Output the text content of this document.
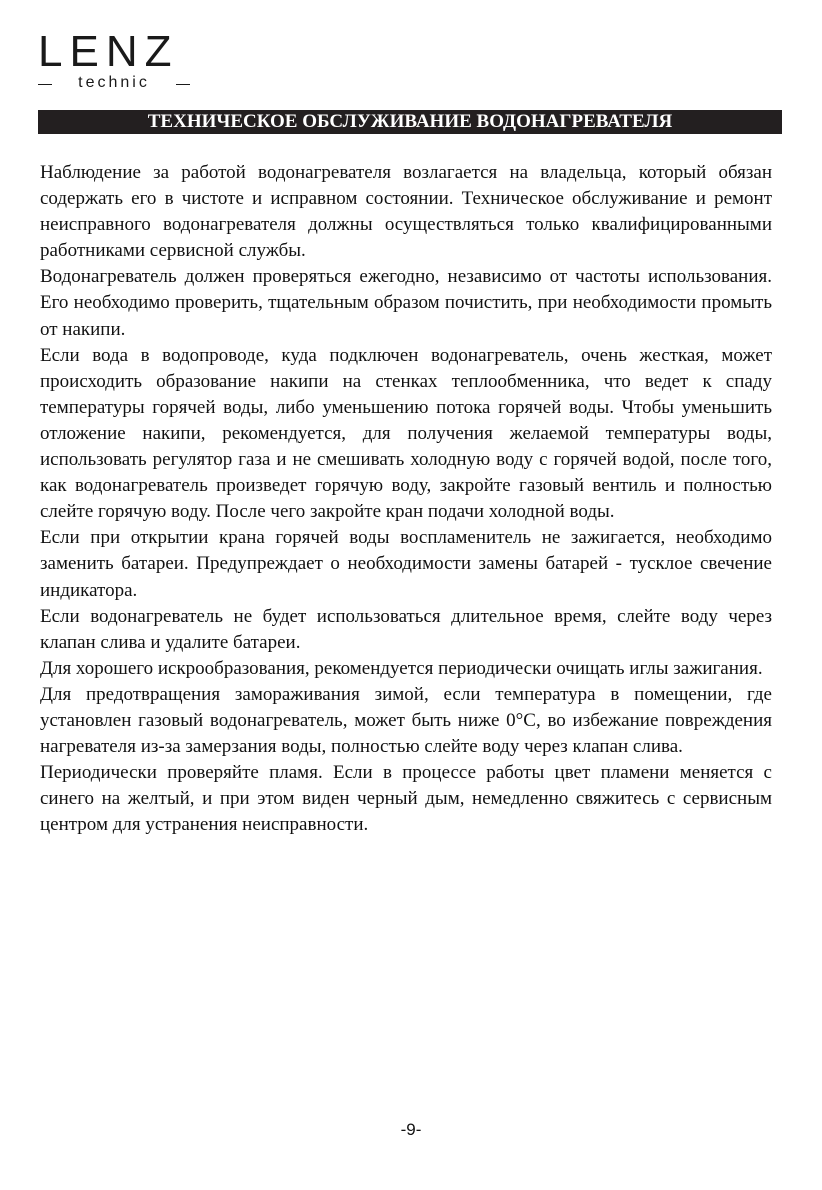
LENZ
technic
ТЕХНИЧЕСКОЕ ОБСЛУЖИВАНИЕ ВОДОНАГРЕВАТЕЛЯ

Наблюдение за работой водонагревателя возлагается на владельца, который обязан содержать его в чистоте и исправном состоянии. Техническое обслуживание и ремонт неисправного водонагревателя должны осуществляться только квалифицированными работниками сервисной службы.

Водонагреватель должен проверяться ежегодно, независимо от частоты использования. Его необходимо проверить, тщательным образом почистить, при необходимости промыть от накипи.

Если вода в водопроводе, куда подключен водонагреватель, очень жесткая, может происходить образование накипи на стенках теплообменника, что ведет к спаду температуры горячей воды, либо уменьшению потока горячей воды. Чтобы уменьшить отложение накипи, рекомендуется, для получения желаемой температуры воды, использовать регулятор газа и не смешивать холодную воду с горячей водой, после того, как водонагреватель произведет горячую воду, закройте газовый вентиль и полностью слейте горячую воду. После чего закройте кран подачи холодной воды.

Если при открытии крана горячей воды воспламенитель не зажигается, необходимо заменить батареи. Предупреждает о необходимости замены батарей - тусклое свечение индикатора.

Если водонагреватель не будет использоваться длительное время, слейте воду через клапан слива и удалите батареи.

Для хорошего искрообразования, рекомендуется периодически очищать иглы зажигания.

Для предотвращения замораживания зимой, если температура в помещении, где установлен газовый водонагреватель, может быть ниже 0°С, во избежание повреждения нагревателя из-за замерзания воды, полностью слейте воду через клапан слива.

Периодически проверяйте пламя. Если в процессе работы цвет пламени меняется с синего на желтый, и при этом виден черный дым, немедленно свяжитесь с сервисным центром для устранения неисправности.

-9-
